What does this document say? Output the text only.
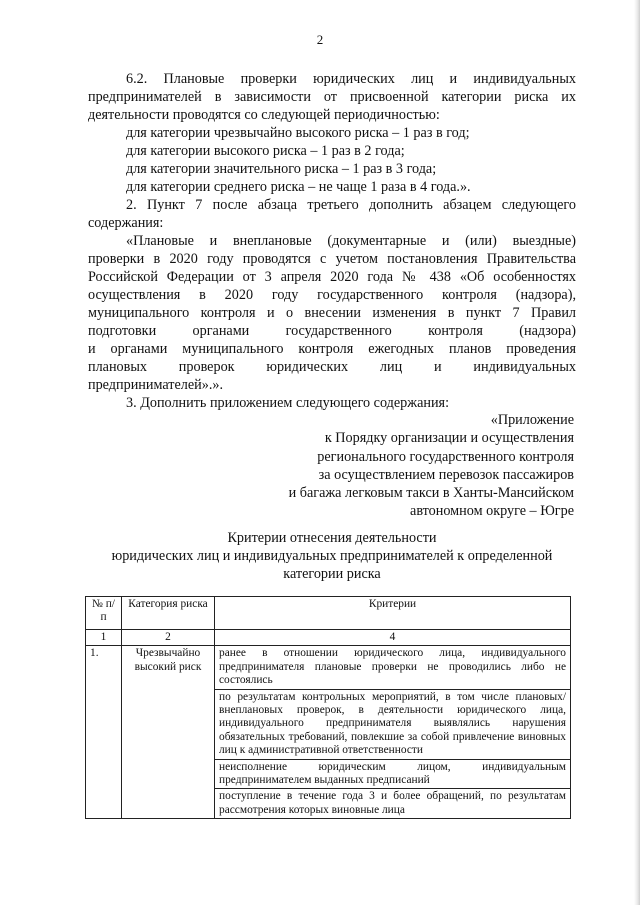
2
6.2. Плановые проверки юридических лиц и индивидуальных
предпринимателей в зависимости от присвоенной категории риска их
деятельности проводятся со следующей периодичностью:
для категории чрезвычайно высокого риска – 1 раз в год;
для категории высокого риска – 1 раз в 2 года;
для категории значительного риска – 1 раз в 3 года;
для категории среднего риска – не чаще 1 раза в 4 года.».
2. Пункт 7 после абзаца третьего дополнить абзацем следующего
содержания:
«Плановые и внеплановые (документарные и (или) выездные)
проверки в 2020 году проводятся с учетом постановления Правительства
Российской Федерации от 3 апреля 2020 года № 438 «Об особенностях
осуществления в 2020 году государственного контроля (надзора),
муниципального контроля и о внесении изменения в пункт 7 Правил
подготовки органами государственного контроля (надзора)
и органами муниципального контроля ежегодных планов проведения
плановых проверок юридических лиц и индивидуальных
предпринимателей».».
3. Дополнить приложением следующего содержания:
«Приложение
к Порядку организации и осуществления
регионального государственного контроля
за осуществлением перевозок пассажиров
и багажа легковым такси в Ханты-Мансийском
автономном округе – Югре
Критерии отнесения деятельности
юридических лиц и индивидуальных предпринимателей к определенной
категории риска
№ п/п	Категория риска	Критерии
1	2	4
1.	Чрезвычайно высокий риск	ранее в отношении юридического лица, индивидуального предпринимателя плановые проверки не проводились либо не состоялись
		по результатам контрольных мероприятий, в том числе плановых/внеплановых проверок, в деятельности юридического лица, индивидуального предпринимателя выявлялись нарушения обязательных требований, повлекшие за собой привлечение виновных лиц к административной ответственности
		неисполнение юридическим лицом, индивидуальным предпринимателем выданных предписаний
		поступление в течение года 3 и более обращений, по результатам рассмотрения которых виновные лица
